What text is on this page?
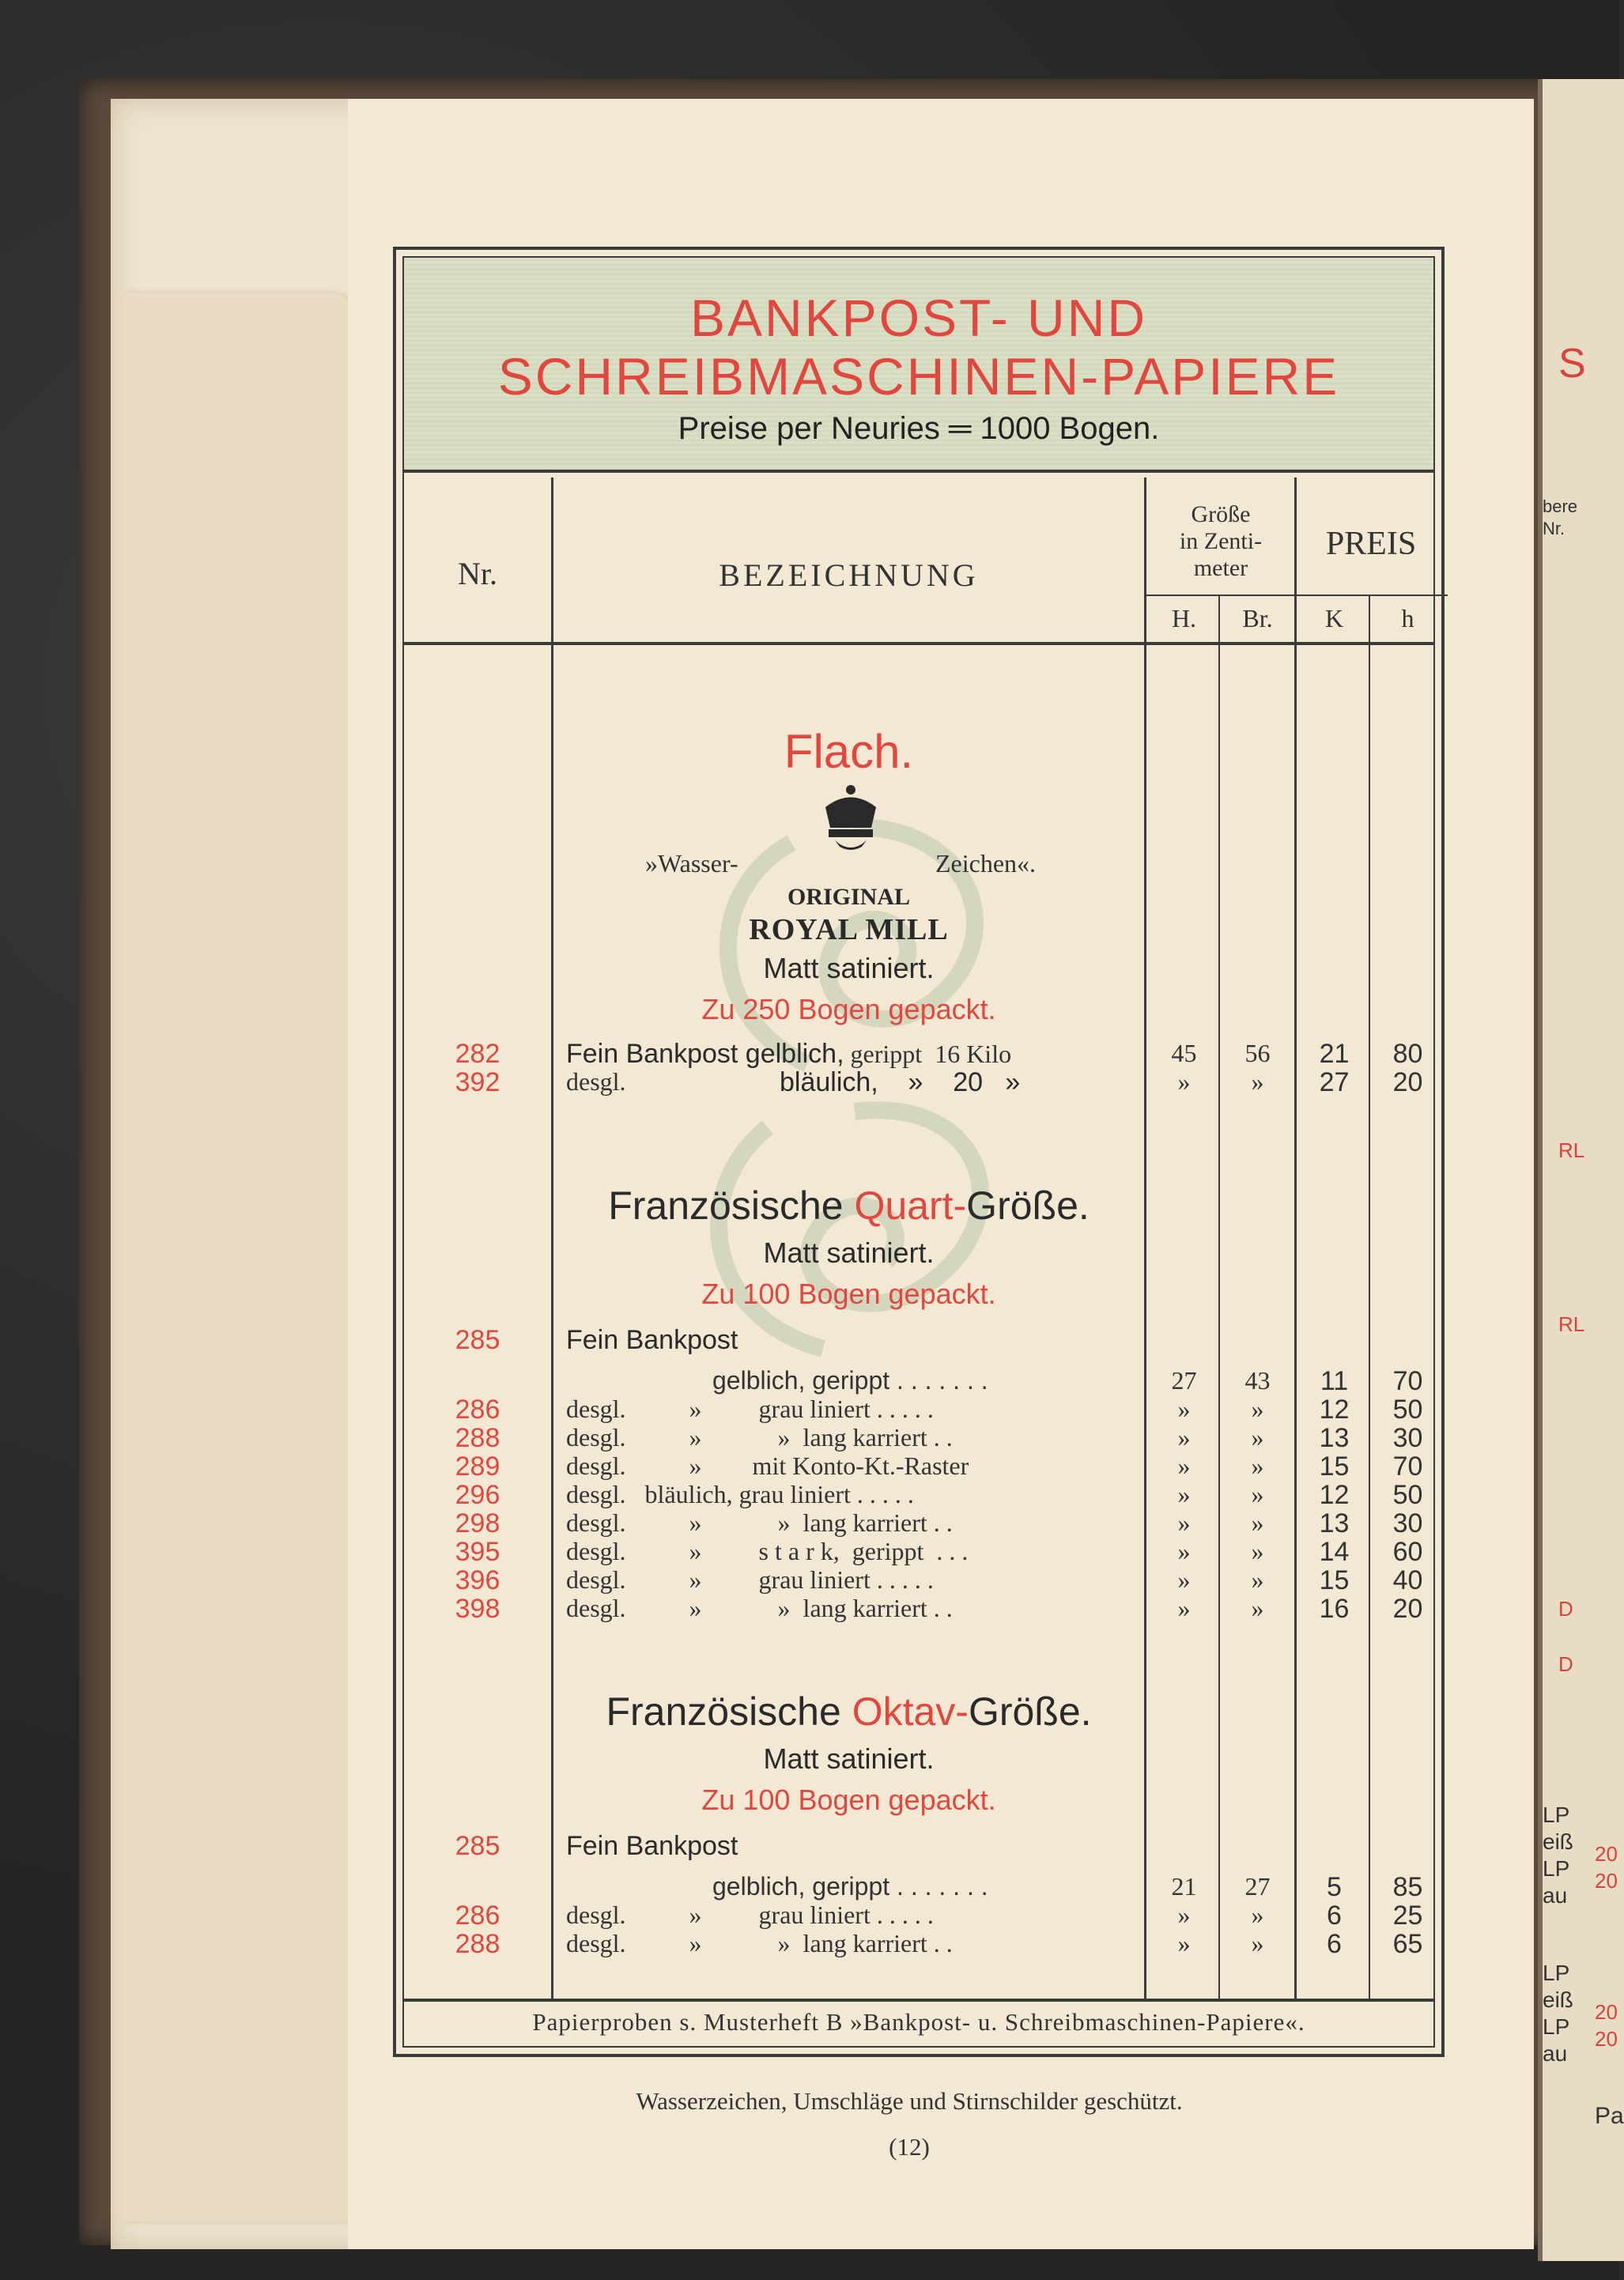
S
bere
Nr.
RL
RL
D
D
LP
eiß
LP
au
LP
eiß
LP
au
20
20
20
20
Pa
BANKPOST- UND
SCHREIBMASCHINEN-PAPIERE
Preise per Neuries ═ 1000 Bogen.
Nr.	BEZEICHNUNG
Größe
in Zenti-
meter
PREIS
H.	Br.	K	h
Flach.
»Wasser-	Zeichen«.
ORIGINAL
ROYAL MILL
Matt satiniert.
Zu 250 Bogen gepackt.
282	Fein Bankpost gelblich, gerippt  16 Kilo	45	56	21	80
392	desgl.	bläulich,    »    20   »	»	»	27	20
Französische Quart-Größe.
Matt satiniert.
Zu 100 Bogen gepackt.
285	Fein Bankpost
gelblich, gerippt . . . . . . .	27	43	11	70
286	desgl.          »         grau liniert . . . . .	»	»	12	50
288	desgl.          »            »  lang karriert . .	»	»	13	30
289	desgl.          »        mit Konto-Kt.-Raster	»	»	15	70
296	desgl.   bläulich, grau liniert . . . . .	»	»	12	50
298	desgl.          »            »  lang karriert . .	»	»	13	30
395	desgl.          »         s t a r k,  gerippt  . . .	»	»	14	60
396	desgl.          »         grau liniert . . . . .	»	»	15	40
398	desgl.          »            »  lang karriert . .	»	»	16	20
Französische Oktav-Größe.
Matt satiniert.
Zu 100 Bogen gepackt.
285	Fein Bankpost
gelblich, gerippt . . . . . . .	21	27	5	85
286	desgl.          »         grau liniert . . . . .	»	»	6	25
288	desgl.          »            »  lang karriert . .	»	»	6	65
Papierproben s. Musterheft B »Bankpost- u. Schreibmaschinen-Papiere«.
Wasserzeichen, Umschläge und Stirnschilder geschützt.
(12)
